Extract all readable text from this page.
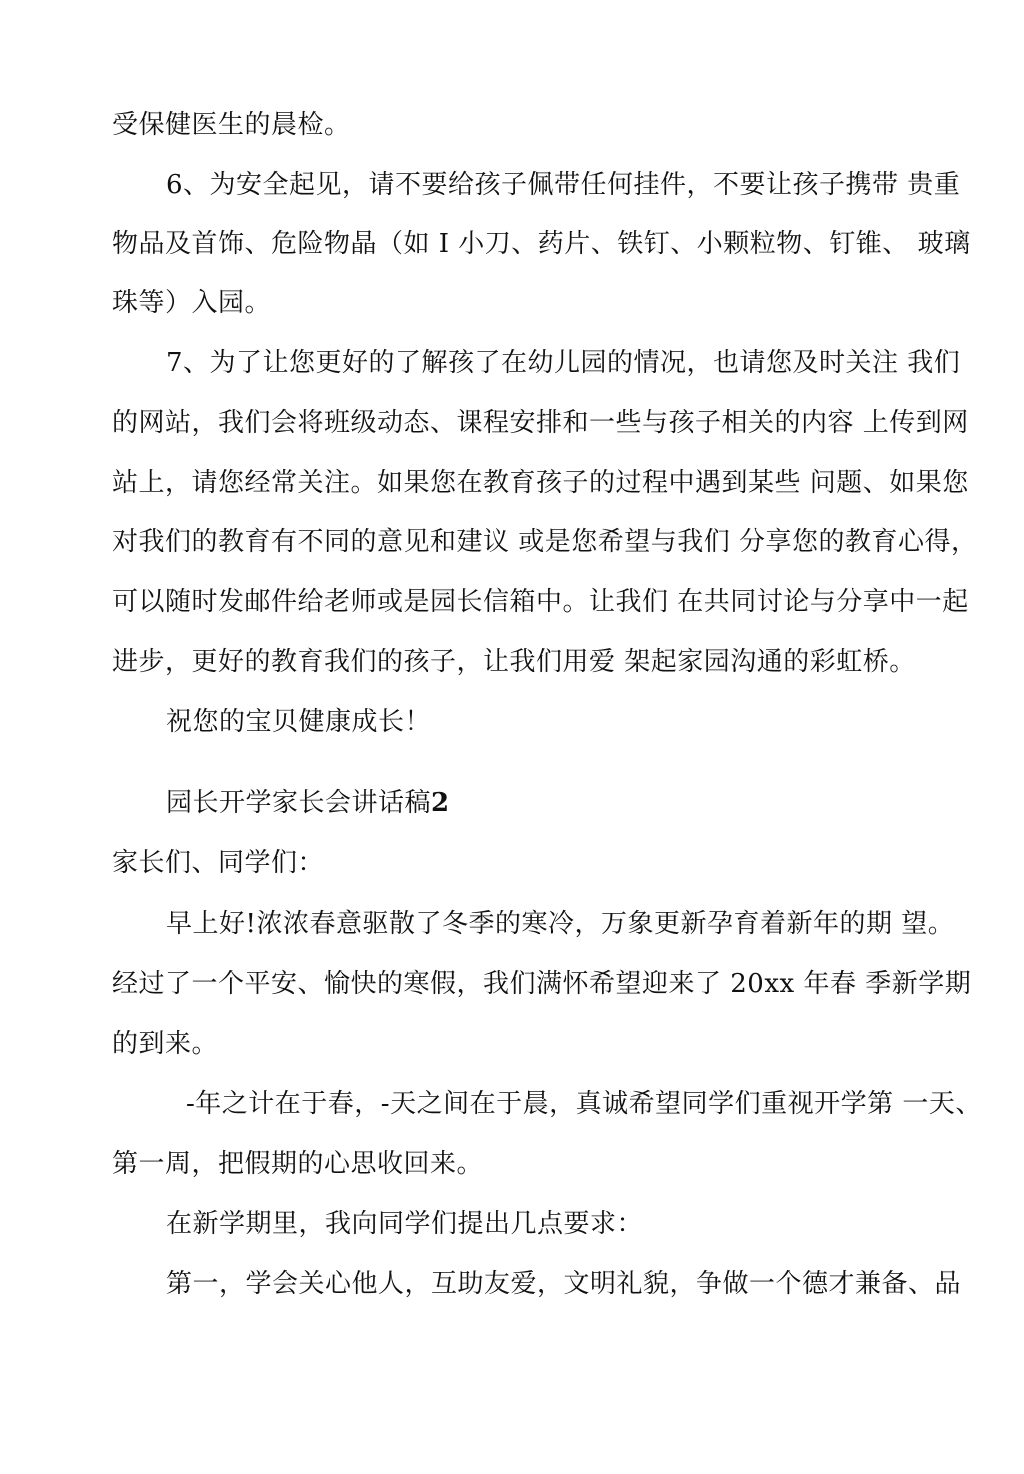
受保健医生的晨检。
6、为安全起见，请不要给孩子佩带任何挂件，不要让孩子携带 贵重
物品及首饰、危险物晶（如 I 小刀、药片、铁钉、小颗粒物、钉锥、 玻璃
珠等）入园。
7、为了让您更好的了解孩了在幼儿园的情况，也请您及时关注 我们
的网站，我们会将班级动态、课程安排和一些与孩子相关的内容 上传到网
站上，请您经常关注。如果您在教育孩子的过程中遇到某些 问题、如果您
对我们的教育有不同的意见和建议 或是您希望与我们 分享您的教育心得，
可以随时发邮件给老师或是园长信箱中。让我们 在共同讨论与分享中一起
进步，更好的教育我们的孩子，让我们用爱 架起家园沟通的彩虹桥。
祝您的宝贝健康成长！
园长开学家长会讲话稿2
家长们、同学们：
早上好!浓浓春意驱散了冬季的寒冷，万象更新孕育着新年的期 望。
经过了一个平安、愉快的寒假，我们满怀希望迎来了 20xx 年春 季新学期
的到来。
-年之计在于春，-天之间在于晨，真诚希望同学们重视开学第 一天、
第一周，把假期的心思收回来。
在新学期里，我向同学们提出几点要求：
第一，学会关心他人，互助友爱，文明礼貌，争做一个德才兼备、品
